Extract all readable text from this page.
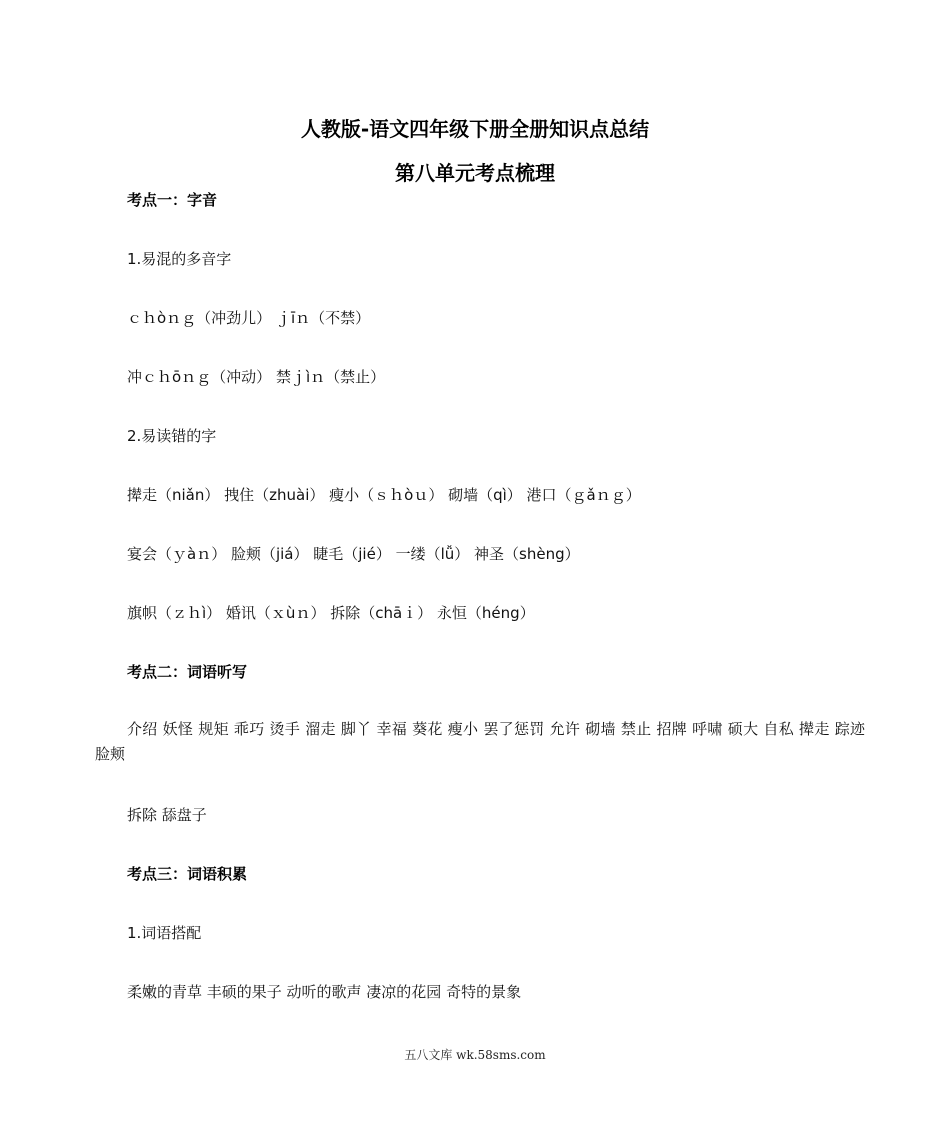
人教版-语文四年级下册全册知识点总结
第八单元考点梳理
考点一：字音
1.易混的多音字
ｃｈòｎｇ（冲劲儿） ｊīｎ（不禁）
冲ｃｈōｎｇ（冲动） 禁ｊìｎ（禁止）
2.易读错的字
撵走（niǎn） 拽住（zhuài） 瘦小（ｓｈòｕ） 砌墙（qì） 港口（ｇǎｎｇ）
宴会（ｙàｎ） 脸颊（jiá） 睫毛（jié） 一缕（lǚ） 神圣（shèng）
旗帜（ｚｈì） 婚讯（ｘùｎ） 拆除（chāｉ） 永恒（héng）
考点二：词语听写
介绍 妖怪 规矩 乖巧 烫手 溜走 脚丫 幸福 葵花 瘦小 罢了惩罚 允许 砌墙 禁止 招牌 呼啸 硕大 自私 撵走 踪迹 脸颊
拆除 舔盘子
考点三：词语积累
1.词语搭配
柔嫩的青草 丰硕的果子 动听的歌声 凄凉的花园 奇特的景象
五八文库 wk.58sms.com
